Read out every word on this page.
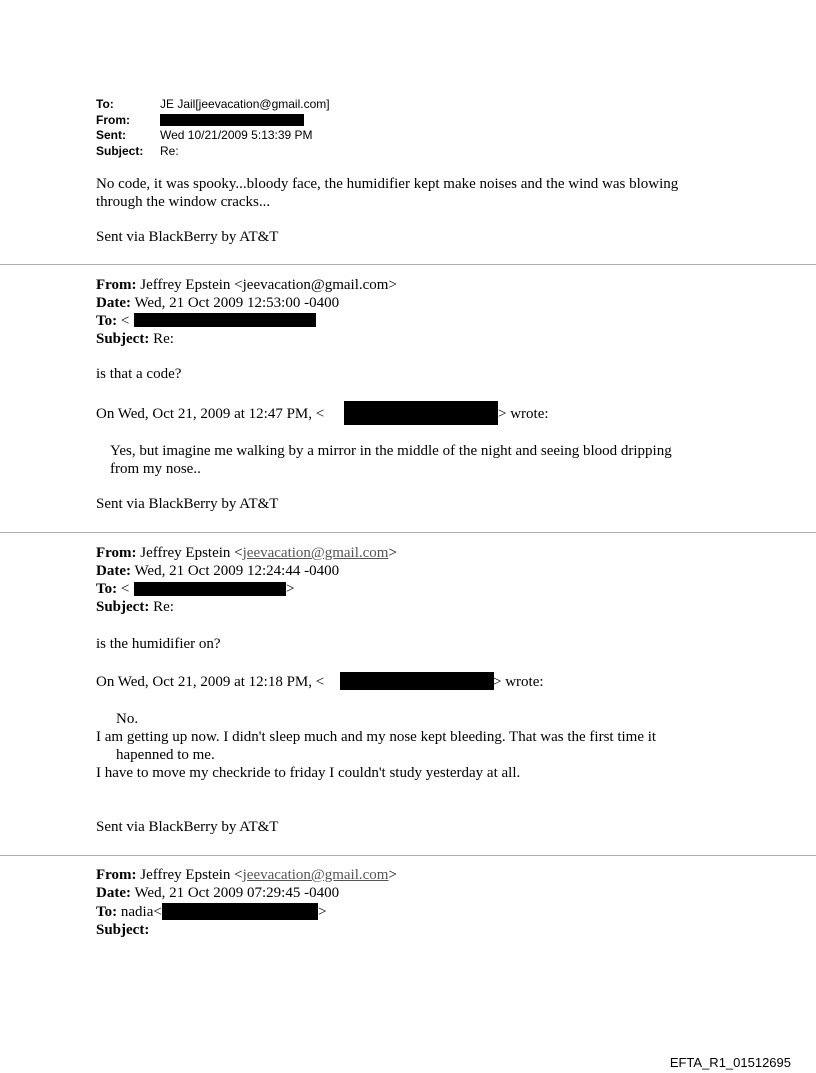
To:	JE Jail[jeevacation@gmail.com]
From:
Sent:	Wed 10/21/2009 5:13:39 PM
Subject: Re:
No code, it was spooky...bloody face, the humidifier kept make noises and the wind was blowing
through the window cracks...
Sent via BlackBerry by AT&T
From: Jeffrey Epstein <jeevacation@gmail.com>
Date: Wed, 21 Oct 2009 12:53:00 -0400
To: <
Subject: Re:
is that a code?
On Wed, Oct 21, 2009 at 12:47 PM, <	> wrote:
Yes, but imagine me walking by a mirror in the middle of the night and seeing blood dripping
from my nose..
Sent via BlackBerry by AT&T
From: Jeffrey Epstein <jeevacation@gmail.com>
Date: Wed, 21 Oct 2009 12:24:44 -0400
To: <	>
Subject: Re:
is the humidifier on?
On Wed, Oct 21, 2009 at 12:18 PM, <	> wrote:
No.
I am getting up now. I didn't sleep much and my nose kept bleeding. That was the first time it
hapenned to me.
I have to move my checkride to friday I couldn't study yesterday at all.
Sent via BlackBerry by AT&T
From: Jeffrey Epstein <jeevacation@gmail.com>
Date: Wed, 21 Oct 2009 07:29:45 -0400
To: nadia<	>
Subject:
EFTA_R1_01512695
